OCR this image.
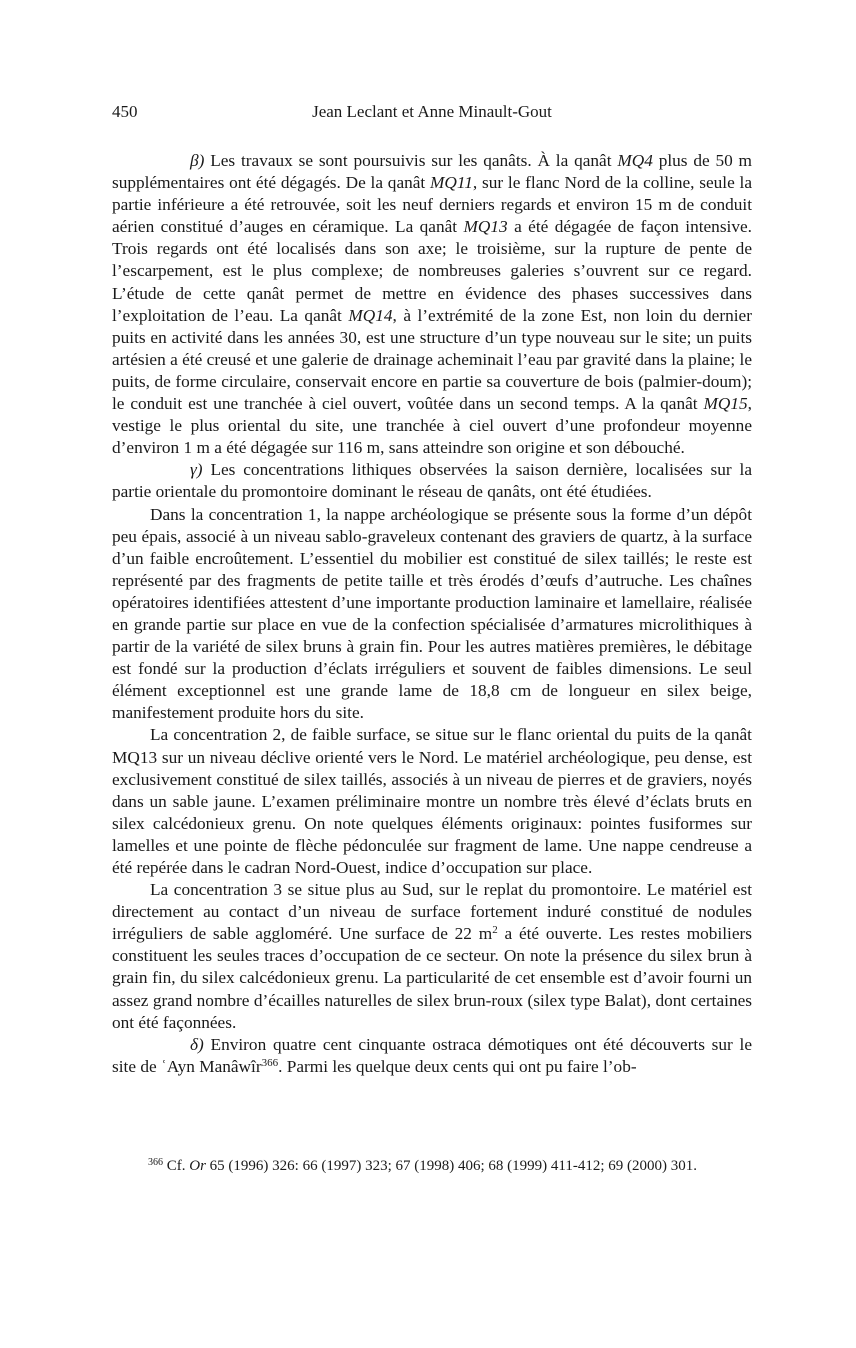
450	Jean Leclant et Anne Minault-Gout

β) Les travaux se sont poursuivis sur les qanâts. À la qanât MQ4 plus de 50 m supplémentaires ont été dégagés. De la qanât MQ11, sur le flanc Nord de la colline, seule la partie inférieure a été retrouvée, soit les neuf derniers regards et environ 15 m de conduit aérien constitué d’auges en céramique. La qanât MQ13 a été dégagée de façon intensive. Trois regards ont été localisés dans son axe; le troisième, sur la rupture de pente de l’escarpement, est le plus complexe; de nombreuses galeries s’ouvrent sur ce regard. L’étude de cette qanât permet de mettre en évidence des phases successives dans l’exploitation de l’eau. La qanât MQ14, à l’extrémité de la zone Est, non loin du dernier puits en activité dans les années 30, est une structure d’un type nouveau sur le site; un puits artésien a été creusé et une galerie de drainage acheminait l’eau par gravité dans la plaine; le puits, de forme circulaire, conservait encore en partie sa couverture de bois (palmier-doum); le conduit est une tranchée à ciel ouvert, voûtée dans un second temps. A la qanât MQ15, vestige le plus oriental du site, une tranchée à ciel ouvert d’une profondeur moyenne d’environ 1 m a été dégagée sur 116 m, sans atteindre son origine et son débouché.

γ) Les concentrations lithiques observées la saison dernière, localisées sur la partie orientale du promontoire dominant le réseau de qanâts, ont été étudiées.

Dans la concentration 1, la nappe archéologique se présente sous la forme d’un dépôt peu épais, associé à un niveau sablo-graveleux contenant des graviers de quartz, à la surface d’un faible encroûtement. L’essentiel du mobilier est constitué de silex taillés; le reste est représenté par des fragments de petite taille et très érodés d’œufs d’autruche. Les chaînes opératoires identifiées attestent d’une importante production laminaire et lamellaire, réalisée en grande partie sur place en vue de la confection spécialisée d’armatures microlithiques à partir de la variété de silex bruns à grain fin. Pour les autres matières premières, le débitage est fondé sur la production d’éclats irréguliers et souvent de faibles dimensions. Le seul élément exceptionnel est une grande lame de 18,8 cm de longueur en silex beige, manifestement produite hors du site.

La concentration 2, de faible surface, se situe sur le flanc oriental du puits de la qanât MQ13 sur un niveau déclive orienté vers le Nord. Le matériel archéologique, peu dense, est exclusivement constitué de silex taillés, associés à un niveau de pierres et de graviers, noyés dans un sable jaune. L’examen préliminaire montre un nombre très élevé d’éclats bruts en silex calcédonieux grenu. On note quelques éléments originaux: pointes fusiformes sur lamelles et une pointe de flèche pédonculée sur fragment de lame. Une nappe cendreuse a été repérée dans le cadran Nord-Ouest, indice d’occupation sur place.

La concentration 3 se situe plus au Sud, sur le replat du promontoire. Le matériel est directement au contact d’un niveau de surface fortement induré constitué de nodules irréguliers de sable aggloméré. Une surface de 22 $m^2$ a été ouverte. Les restes mobiliers constituent les seules traces d’occupation de ce secteur. On note la présence du silex brun à grain fin, du silex calcédonieux grenu. La particularité de cet ensemble est d’avoir fourni un assez grand nombre d’écailles naturelles de silex brun-roux (silex type Balat), dont certaines ont été façonnées.

δ) Environ quatre cent cinquante ostraca démotiques ont été découverts sur le site de ʿAyn Manâwîr$^{366}$. Parmi les quelque deux cents qui ont pu faire l’ob-

$^{366}$ Cf. Or 65 (1996) 326: 66 (1997) 323; 67 (1998) 406; 68 (1999) 411-412; 69 (2000) 301.
